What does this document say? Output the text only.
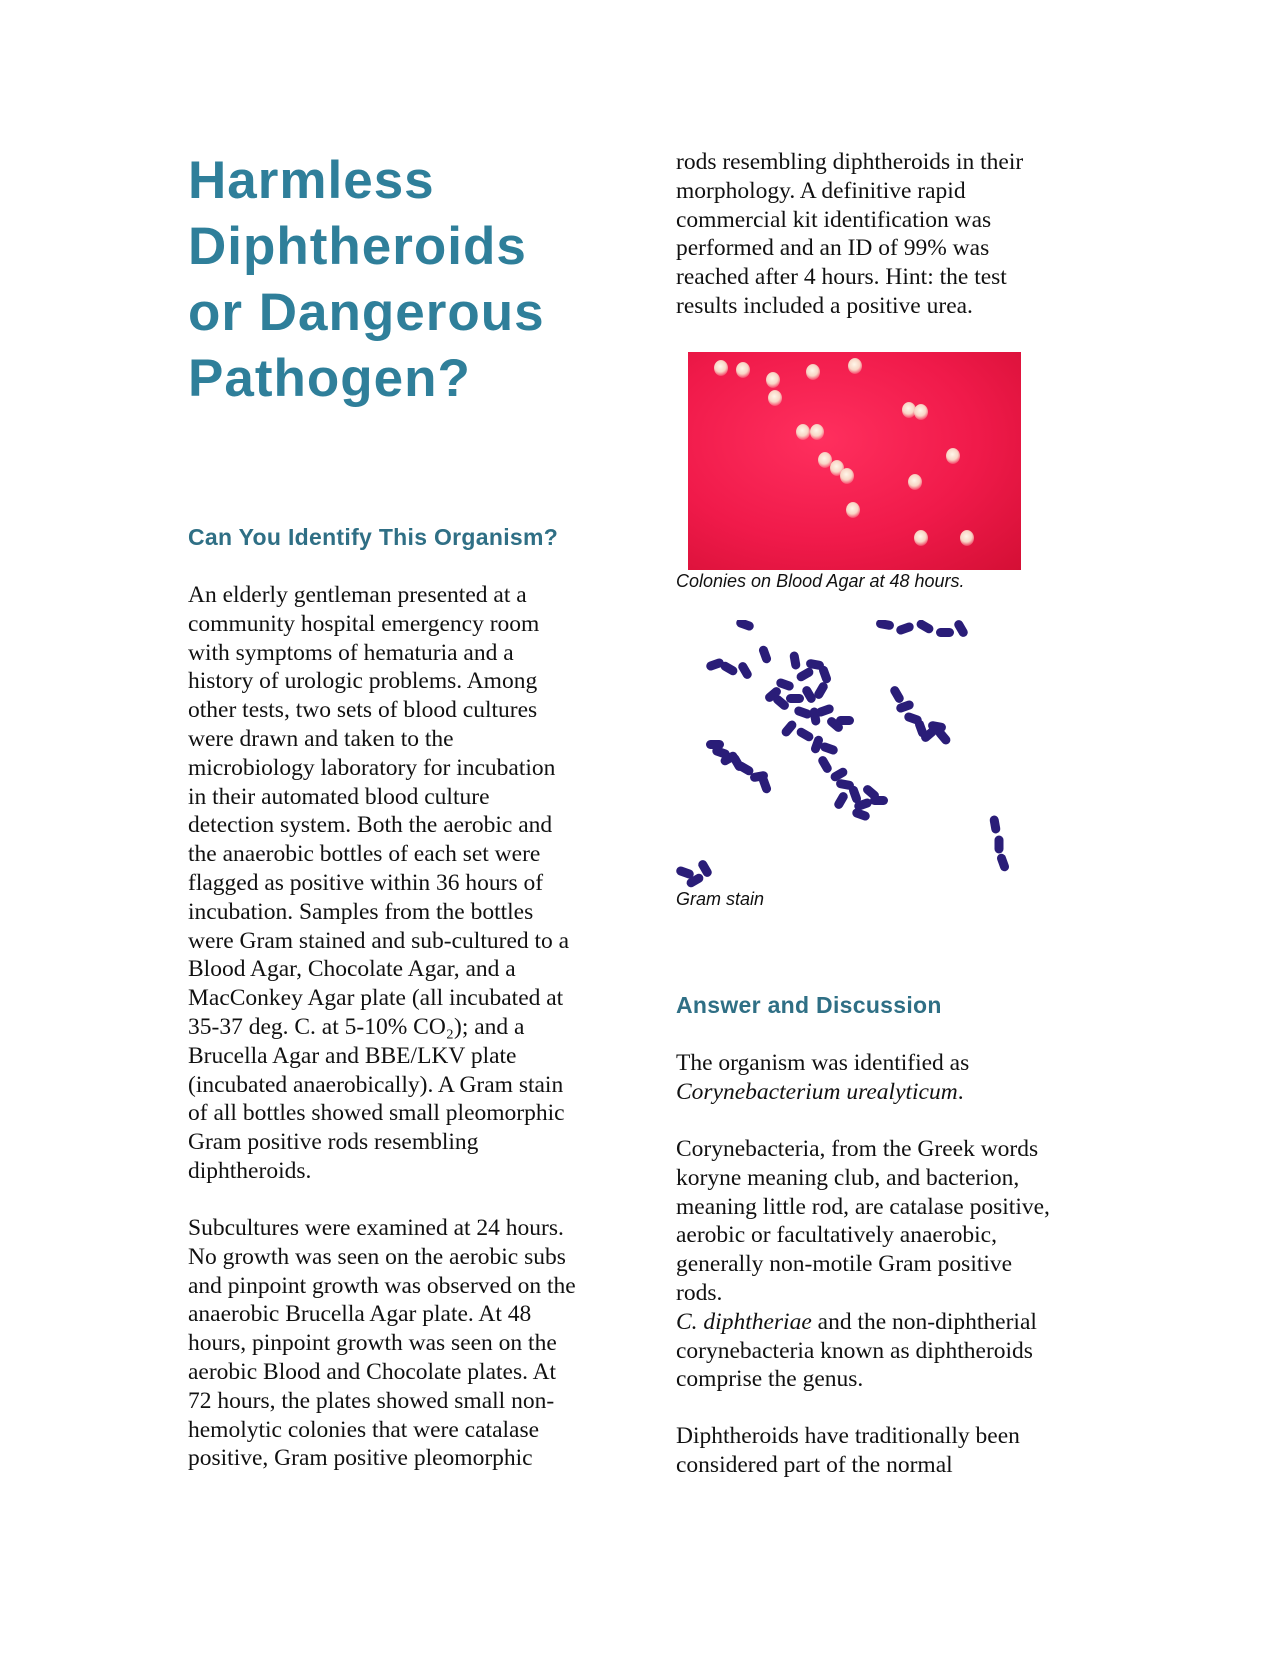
Harmless
Diphtheroids
or Dangerous
Pathogen?
Can You Identify This Organism?
An elderly gentleman presented at a
community hospital emergency room
with symptoms of hematuria and a
history of urologic problems. Among
other tests, two sets of blood cultures
were drawn and taken to the
microbiology laboratory for incubation
in their automated blood culture
detection system. Both the aerobic and
the anaerobic bottles of each set were
flagged as positive within 36 hours of
incubation. Samples from the bottles
were Gram stained and sub-cultured to a
Blood Agar, Chocolate Agar, and a
MacConkey Agar plate (all incubated at
35-37 deg. C. at 5-10% CO₂); and a
Brucella Agar and BBE/LKV plate
(incubated anaerobically). A Gram stain
of all bottles showed small pleomorphic
Gram positive rods resembling
diphtheroids.
Subcultures were examined at 24 hours.
No growth was seen on the aerobic subs
and pinpoint growth was observed on the
anaerobic Brucella Agar plate. At 48
hours, pinpoint growth was seen on the
aerobic Blood and Chocolate plates. At
72 hours, the plates showed small non-
hemolytic colonies that were catalase
positive, Gram positive pleomorphic
rods resembling diphtheroids in their
morphology. A definitive rapid
commercial kit identification was
performed and an ID of 99% was
reached after 4 hours. Hint: the test
results included a positive urea.

Colonies on Blood Agar at 48 hours.

Gram stain

Answer and Discussion
The organism was identified as
Corynebacterium urealyticum.
Corynebacteria, from the Greek words
koryne meaning club, and bacterion,
meaning little rod, are catalase positive,
aerobic or facultatively anaerobic,
generally non-motile Gram positive
rods.
C. diphtheriae and the non-diphtherial
corynebacteria known as diphtheroids
comprise the genus.
Diphtheroids have traditionally been
considered part of the normal
